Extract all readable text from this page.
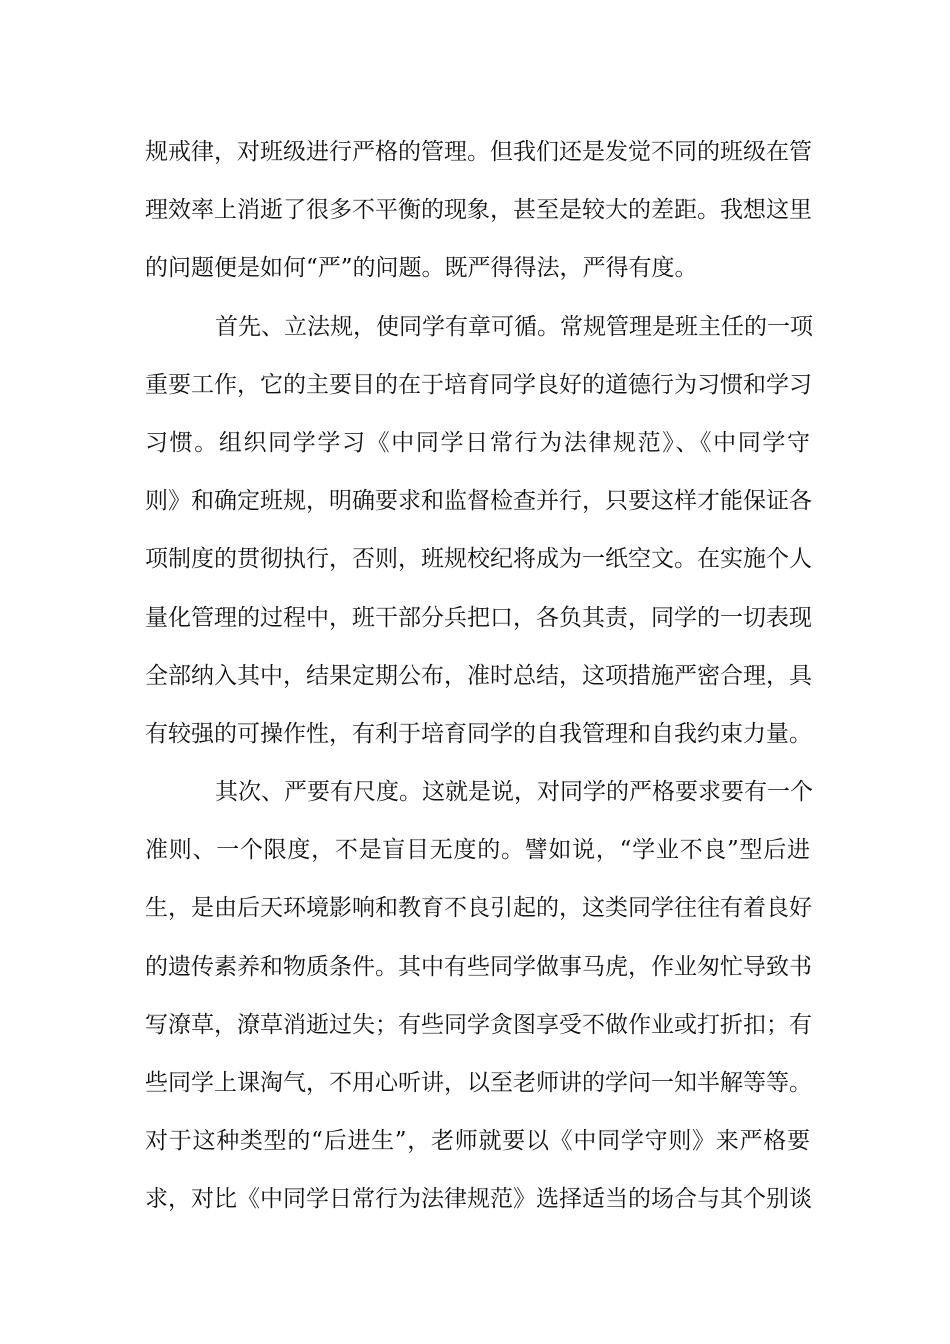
规戒律，对班级进行严格的管理。但我们还是发觉不同的班级在管
理效率上消逝了很多不平衡的现象，甚至是较大的差距。我想这里
的问题便是如何“严”的问题。既严得得法，严得有度。
首先、立法规，使同学有章可循。常规管理是班主任的一项
重要工作，它的主要目的在于培育同学良好的道德行为习惯和学习
习惯。组织同学学习《中同学日常行为法律规范》、《中同学守
则》和确定班规，明确要求和监督检查并行，只要这样才能保证各
项制度的贯彻执行，否则，班规校纪将成为一纸空文。在实施个人
量化管理的过程中，班干部分兵把口，各负其责，同学的一切表现
全部纳入其中，结果定期公布，准时总结，这项措施严密合理，具
有较强的可操作性，有利于培育同学的自我管理和自我约束力量。
其次、严要有尺度。这就是说，对同学的严格要求要有一个
准则、一个限度，不是盲目无度的。譬如说，“学业不良”型后进
生，是由后天环境影响和教育不良引起的，这类同学往往有着良好
的遗传素养和物质条件。其中有些同学做事马虎，作业匆忙导致书
写潦草，潦草消逝过失；有些同学贪图享受不做作业或打折扣；有
些同学上课淘气，不用心听讲，以至老师讲的学问一知半解等等。
对于这种类型的“后进生”，老师就要以《中同学守则》来严格要
求，对比《中同学日常行为法律规范》选择适当的场合与其个别谈
